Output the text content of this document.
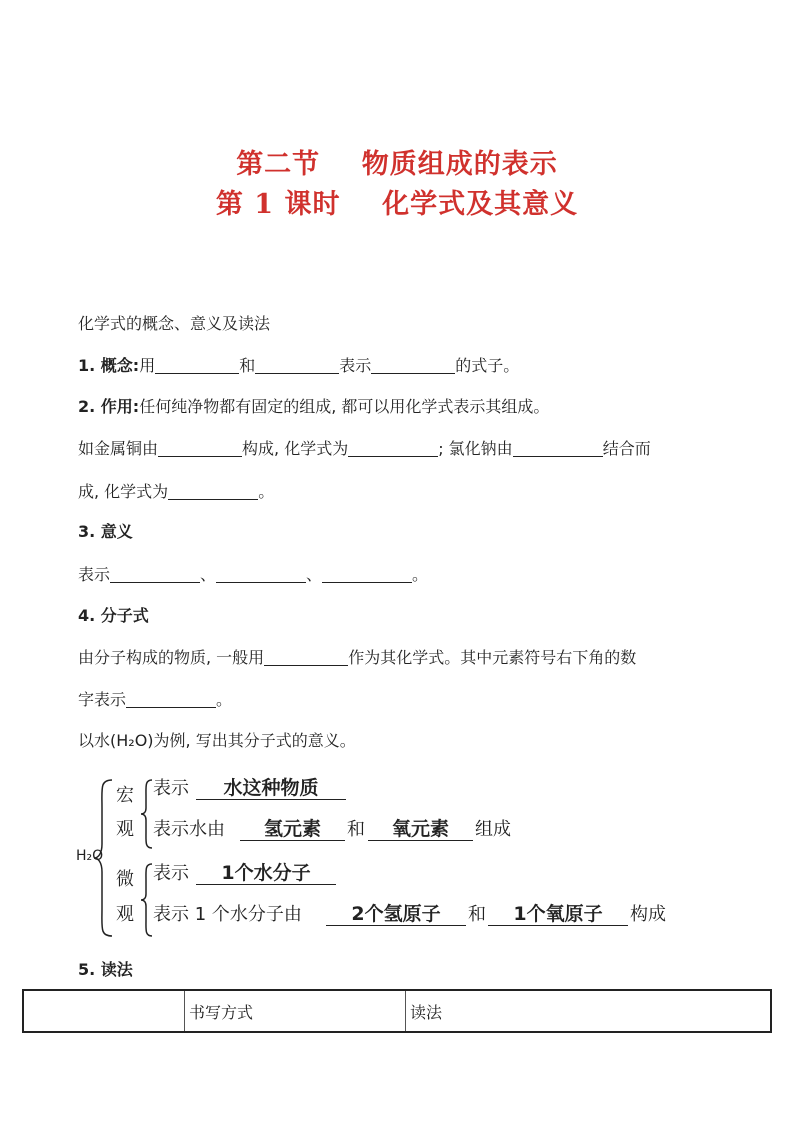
第二节    物质组成的表示
第 1 课时    化学式及其意义
化学式的概念、意义及读法
1. 概念:用	和	表示	的式子。
2. 作用:任何纯净物都有固定的组成, 都可以用化学式表示其组成。
如金属铜由	构成, 化学式为	; 氯化钠由	结合而
成, 化学式为	。
3. 意义
表示	、	、	。
4. 分子式
由分子构成的物质, 一般用	作为其化学式。其中元素符号右下角的数
字表示	。
以水(H₂O)为例, 写出其分子式的意义。
H₂O
宏
观
微
观
表示	水这种物质
表示水由	氢元素	和	氧元素	组成
表示	1个水分子
表示 1 个水分子由	2个氢原子	和	1个氧原子	构成
5. 读法
	书写方式	读法
